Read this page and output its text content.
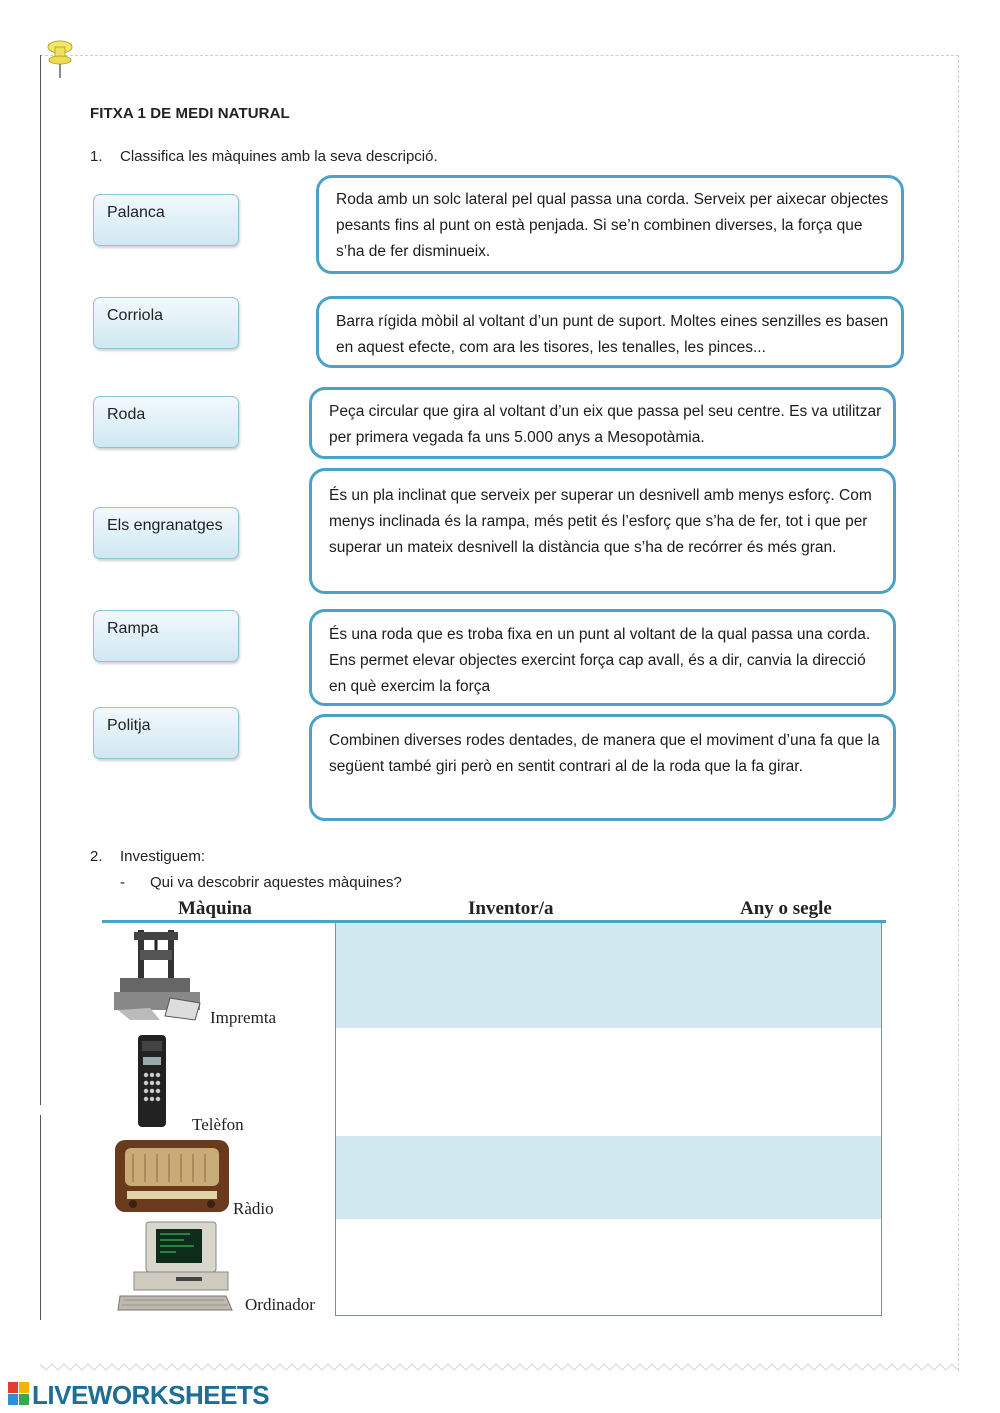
FITXA 1 DE MEDI NATURAL
1. Classifica les màquines amb la seva descripció.
Palanca
Corriola
Roda
Els engranatges
Rampa
Politja
Roda amb un solc lateral pel qual passa una corda. Serveix per aixecar objectes pesants fins al punt on està penjada. Si se’n combinen diverses, la força que s’ha de fer disminueix.
Barra rígida mòbil al voltant d’un punt de suport. Moltes eines senzilles es basen en aquest efecte, com ara les tisores, les tenalles, les pinces...
Peça circular que gira al voltant d’un eix que passa pel seu centre. Es va utilitzar per primera vegada fa uns 5.000 anys a Mesopotàmia.
És un pla inclinat que serveix per superar un desnivell amb menys esforç. Com menys inclinada és la rampa, més petit és l’esforç que s’ha de fer, tot i que per superar un mateix desnivell la distància que s’ha de recórrer és més gran.
És una roda que es troba fixa en un punt al voltant de la qual passa una corda. Ens permet elevar objectes exercint força cap avall, és a dir, canvia la direcció en què exercim la força
Combinen diverses rodes dentades, de manera que el moviment d’una fa que la següent també giri però en sentit contrari al de la roda que la fa girar.
2. Investiguem:
- Qui va descobrir aquestes màquines?
Màquina	Inventor/a	Any o segle
Impremta
Telèfon
Ràdio
Ordinador
LIVEWORKSHEETS
